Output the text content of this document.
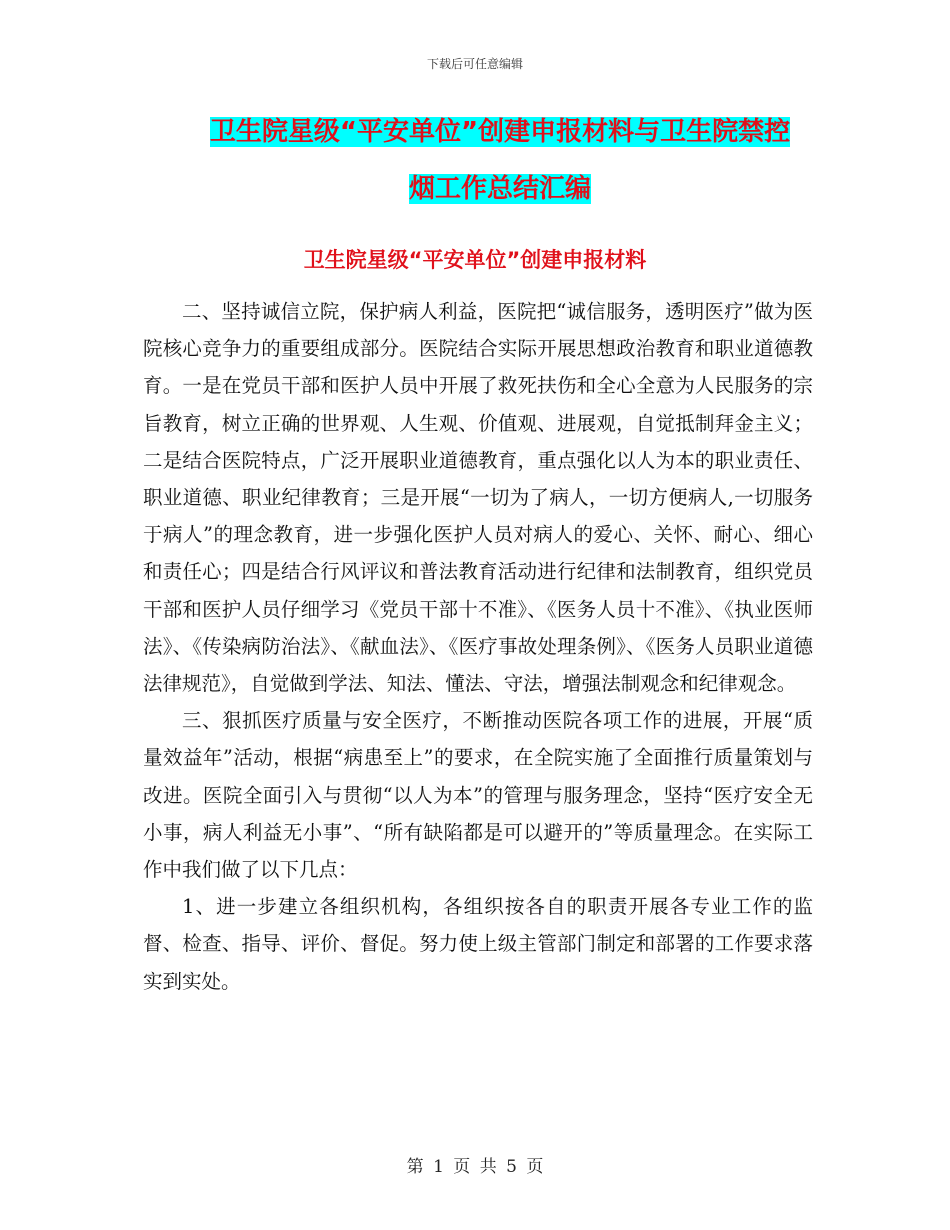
下载后可任意编辑
卫生院星级“平安单位”创建申报材料与卫生院禁控
烟工作总结汇编
卫生院星级“平安单位”创建申报材料

二、坚持诚信立院，保护病人利益，医院把“诚信服务，透明医疗”做为医院核心竞争力的重要组成部分。医院结合实际开展思想政治教育和职业道德教育。一是在党员干部和医护人员中开展了救死扶伤和全心全意为人民服务的宗旨教育，树立正确的世界观、人生观、价值观、进展观，自觉抵制拜金主义；二是结合医院特点，广泛开展职业道德教育，重点强化以人为本的职业责任、职业道德、职业纪律教育；三是开展“一切为了病人，一切方便病人,一切服务于病人”的理念教育，进一步强化医护人员对病人的爱心、关怀、耐心、细心和责任心；四是结合行风评议和普法教育活动进行纪律和法制教育，组织党员干部和医护人员仔细学习《党员干部十不准》、《医务人员十不准》、《执业医师法》、《传染病防治法》、《献血法》、《医疗事故处理条例》、《医务人员职业道德法律规范》，自觉做到学法、知法、懂法、守法，增强法制观念和纪律观念。

三、狠抓医疗质量与安全医疗，不断推动医院各项工作的进展，开展“质量效益年”活动，根据“病患至上”的要求，在全院实施了全面推行质量策划与改进。医院全面引入与贯彻“以人为本”的管理与服务理念，坚持“医疗安全无小事，病人利益无小事”、“所有缺陷都是可以避开的”等质量理念。在实际工作中我们做了以下几点：

1、进一步建立各组织机构，各组织按各自的职责开展各专业工作的监督、检查、指导、评价、督促。努力使上级主管部门制定和部署的工作要求落实到实处。

第 1 页 共 5 页
